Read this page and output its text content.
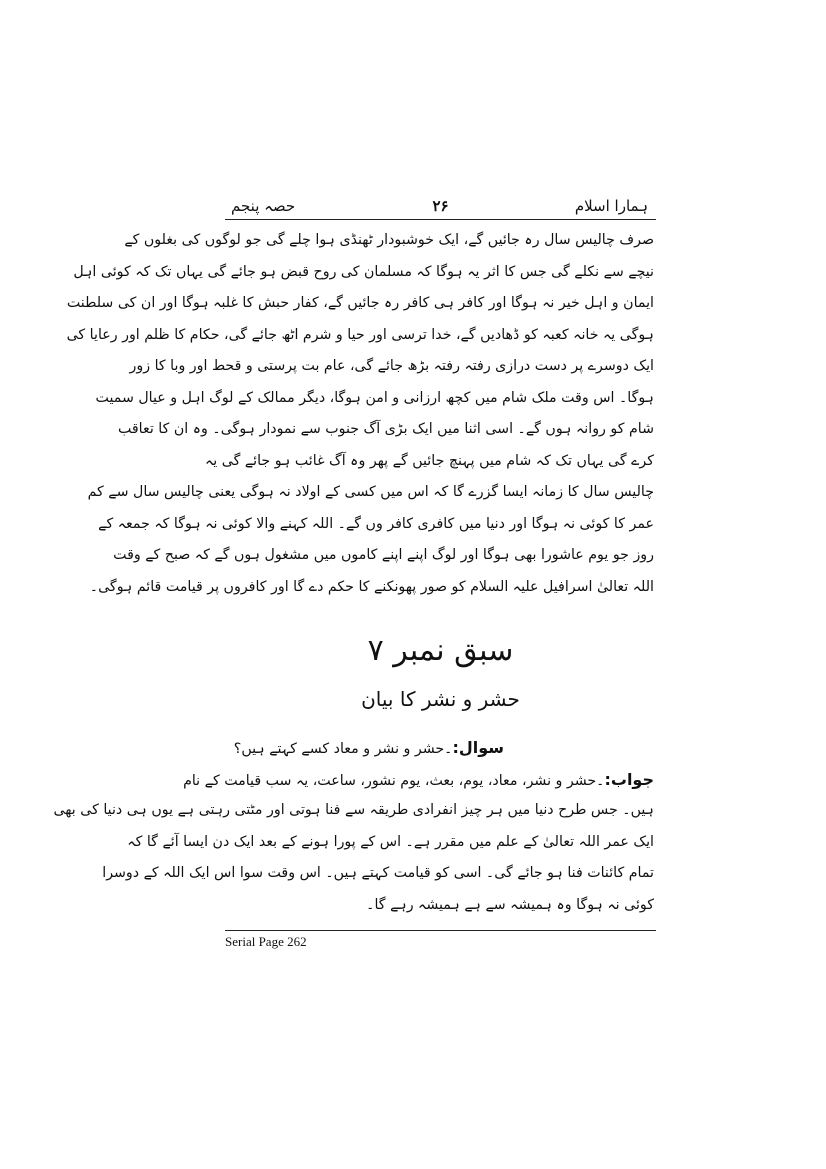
ہمارا اسلام
۲۶
حصہ پنجم
صرف چالیس سال رہ جائیں گے، ایک خوشبودار ٹھنڈی ہوا چلے گی جو لوگوں کی بغلوں کے
نیچے سے نکلے گی جس کا اثر یہ ہوگا کہ مسلمان کی روح قبض ہو جائے گی یہاں تک کہ کوئی اہل
ایمان و اہل خیر نہ ہوگا اور کافر ہی کافر رہ جائیں گے، کفار حبش کا غلبہ ہوگا اور ان کی سلطنت
ہوگی یہ خانہ کعبہ کو ڈھادیں گے، خدا ترسی اور حیا و شرم اٹھ جائے گی، حکام کا ظلم اور رعایا کی
ایک دوسرے پر دست درازی رفتہ رفتہ بڑھ جائے گی، عام بت پرستی و قحط اور وبا کا زور
ہوگا۔ اس وقت ملک شام میں کچھ ارزانی و امن ہوگا، دیگر ممالک کے لوگ اہل و عیال سمیت
شام کو روانہ ہوں گے۔ اسی اثنا میں ایک بڑی آگ جنوب سے نمودار ہوگی۔ وہ ان کا تعاقب
کرے گی یہاں تک کہ شام میں پہنچ جائیں گے پھر وہ آگ غائب ہو جائے گی یہ
چالیس سال کا زمانہ ایسا گزرے گا کہ اس میں کسی کے اولاد نہ ہوگی یعنی چالیس سال سے کم
عمر کا کوئی نہ ہوگا اور دنیا میں کافری کافر وں گے۔ اللہ کہنے والا کوئی نہ ہوگا کہ جمعہ کے
روز جو یوم عاشورا بھی ہوگا اور لوگ اپنے اپنے کاموں میں مشغول ہوں گے کہ صبح کے وقت
اللہ تعالیٰ اسرافیل علیہ السلام کو صور پھونکنے کا حکم دے گا اور کافروں پر قیامت قائم ہوگی۔
سبق نمبر ۷
حشر و نشر کا بیان
سوال:۔حشر و نشر و معاد کسے کہتے ہیں؟
جواب:۔حشر و نشر، معاد، یوم، بعث، یوم نشور، ساعت، یہ سب قیامت کے نام
ہیں۔ جس طرح دنیا میں ہر چیز انفرادی طریقہ سے فنا ہوتی اور مٹتی رہتی ہے یوں ہی دنیا کی بھی
ایک عمر اللہ تعالیٰ کے علم میں مقرر ہے۔ اس کے پورا ہونے کے بعد ایک دن ایسا آئے گا کہ
تمام کائنات فنا ہو جائے گی۔ اسی کو قیامت کہتے ہیں۔ اس وقت سوا اس ایک اللہ کے دوسرا
کوئی نہ ہوگا وہ ہمیشہ سے ہے ہمیشہ رہے گا۔
Serial Page 262
